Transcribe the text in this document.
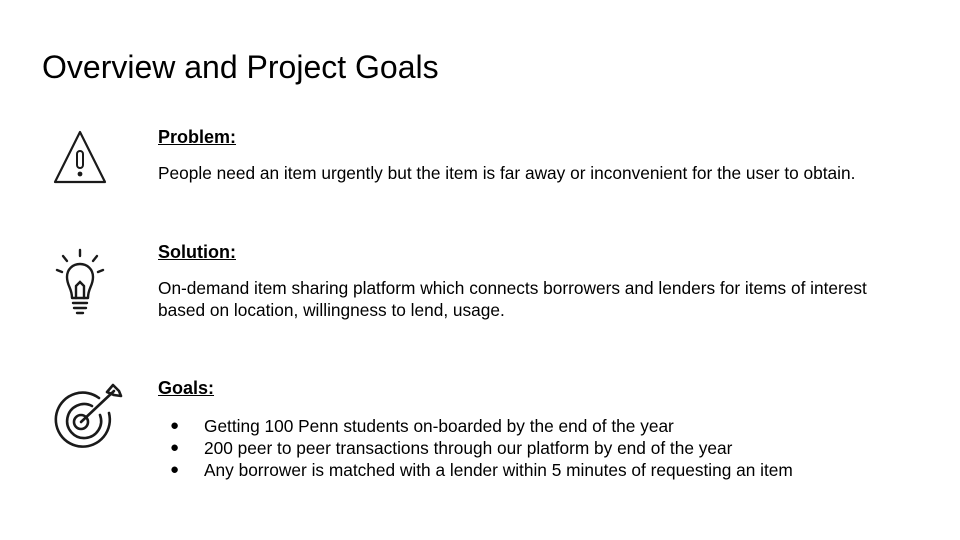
Overview and Project Goals

Problem:

People need an item urgently but the item is far away or inconvenient for the user to obtain.

Solution:

On-demand item sharing platform which connects borrowers and lenders for items of interest based on location, willingness to lend, usage.

Goals:

● Getting 100 Penn students on-boarded by the end of the year
● 200 peer to peer transactions through our platform by end of the year
● Any borrower is matched with a lender within 5 minutes of requesting an item
